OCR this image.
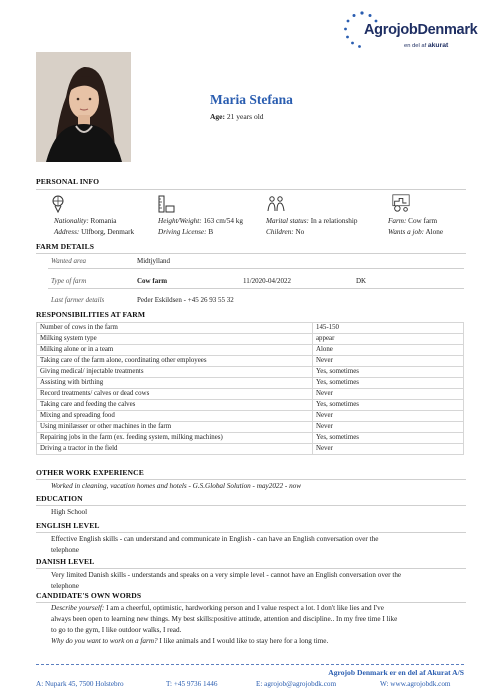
AgrojobDenmark
en del af akurat
Maria Stefana
Age: 21 years old
PERSONAL INFO
Nationality: Romania
Address: Ulfborg, Denmark
Height/Weight: 163 cm/54 kg
Driving License: B
Marital status: In a relationship
Children: No
Farm: Cow farm
Wants a job: Alone
FARM DETAILS
Wanted area	Midtjylland
Type of farm	Cow farm	11/2020-04/2022	DK
Last farmer details	Peder Eskildsen - +45 26 93 55 32
RESPONSIBILITIES AT FARM
Number of cows in the farm	145-150
Milking system type	appear
Milking alone or in a team	Alone
Taking care of the farm alone, coordinating other employees	Never
Giving medical/ injectable treatments	Yes, sometimes
Assisting with birthing	Yes, sometimes
Record treatments/ calves or dead cows	Never
Taking care and feeding the calves	Yes, sometimes
Mixing and spreading food	Never
Using minilæsser or other machines in the farm	Never
Repairing jobs in the farm (ex. feeding system, milking machines)	Yes, sometimes
Driving a tractor in the field	Never
OTHER WORK EXPERIENCE
Worked in cleaning, vacation homes and hotels - G.S.Global Solution - may2022 - now
EDUCATION
High School
ENGLISH LEVEL
Effective English skills - can understand and communicate in English - can have an English conversation over the
telephone
DANISH LEVEL
Very limited Danish skills - understands and speaks on a very simple level - cannot have an English conversation over the
telephone
CANDIDATE'S OWN WORDS
Describe yourself: I am a cheerful, optimistic, hardworking person and I value respect a lot. I don't like lies and I've
always been open to learning new things. My best skills:positive attitude, attention and discipline.. In my free time I like
to go to the gym, I like outdoor walks, I read.
Why do you want to work on a farm? I like animals and I would like to stay here for a long time.
Agrojob Denmark er en del af Akurat A/S
A: Nupark 45, 7500 Holstebro	T: +45 9736 1446	E: agrojob@agrojobdk.com	W: www.agrojobdk.com
